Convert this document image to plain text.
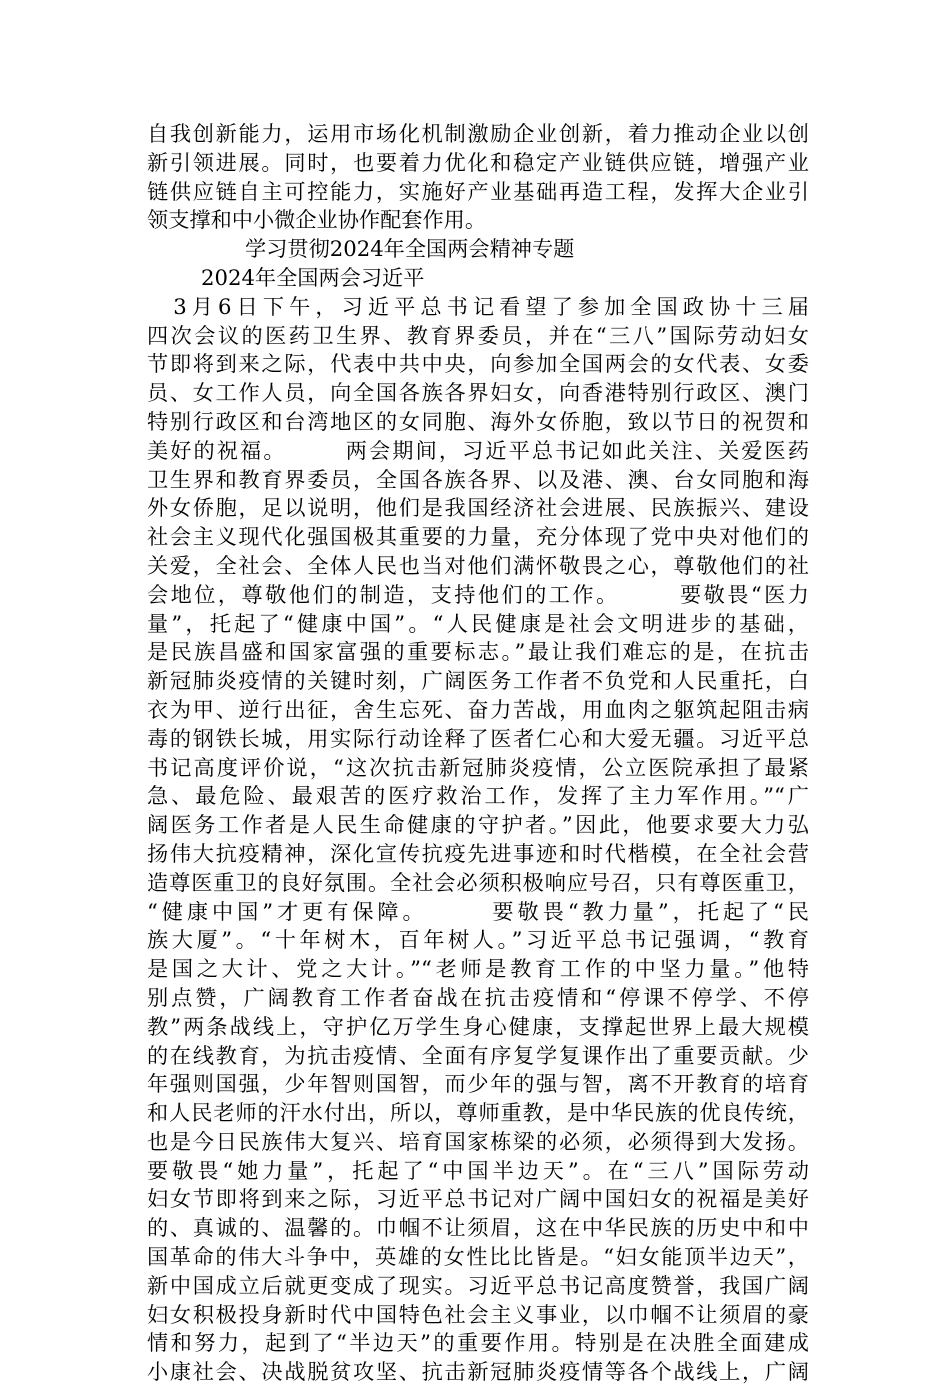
自我创新能力，运用市场化机制激励企业创新，着力推动企业以创
新引领进展。同时，也要着力优化和稳定产业链供应链，增强产业
链供应链自主可控能力，实施好产业基础再造工程，发挥大企业引
领支撑和中小微企业协作配套作用。
学习贯彻2024年全国两会精神专题
2024年全国两会习近平
　3月6日下午，习近平总书记看望了参加全国政协十三届
四次会议的医药卫生界、教育界委员，并在“三八”国际劳动妇女
节即将到来之际，代表中共中央，向参加全国两会的女代表、女委
员、女工作人员，向全国各族各界妇女，向香港特别行政区、澳门
特别行政区和台湾地区的女同胞、海外女侨胞，致以节日的祝贺和
美好的祝福。　　　两会期间，习近平总书记如此关注、关爱医药
卫生界和教育界委员，全国各族各界、以及港、澳、台女同胞和海
外女侨胞，足以说明，他们是我国经济社会进展、民族振兴、建设
社会主义现代化强国极其重要的力量，充分体现了党中央对他们的
关爱，全社会、全体人民也当对他们满怀敬畏之心，尊敬他们的社
会地位，尊敬他们的制造，支持他们的工作。　　　要敬畏“医力
量”，托起了“健康中国”。“人民健康是社会文明进步的基础，
是民族昌盛和国家富强的重要标志。”最让我们难忘的是，在抗击
新冠肺炎疫情的关键时刻，广阔医务工作者不负党和人民重托，白
衣为甲、逆行出征，舍生忘死、奋力苦战，用血肉之躯筑起阻击病
毒的钢铁长城，用实际行动诠释了医者仁心和大爱无疆。习近平总
书记高度评价说，“这次抗击新冠肺炎疫情，公立医院承担了最紧
急、最危险、最艰苦的医疗救治工作，发挥了主力军作用。”“广
阔医务工作者是人民生命健康的守护者。”因此，他要求要大力弘
扬伟大抗疫精神，深化宣传抗疫先进事迹和时代楷模，在全社会营
造尊医重卫的良好氛围。全社会必须积极响应号召，只有尊医重卫，
“健康中国”才更有保障。　　　要敬畏“教力量”，托起了“民
族大厦”。“十年树木，百年树人。”习近平总书记强调，“教育
是国之大计、党之大计。”“老师是教育工作的中坚力量。”他特
别点赞，广阔教育工作者奋战在抗击疫情和“停课不停学、不停
教”两条战线上，守护亿万学生身心健康，支撑起世界上最大规模
的在线教育，为抗击疫情、全面有序复学复课作出了重要贡献。少
年强则国强，少年智则国智，而少年的强与智，离不开教育的培育
和人民老师的汗水付出，所以，尊师重教，是中华民族的优良传统，
也是今日民族伟大复兴、培育国家栋梁的必须，必须得到大发扬。
要敬畏“她力量”，托起了“中国半边天”。在“三八”国际劳动
妇女节即将到来之际，习近平总书记对广阔中国妇女的祝福是美好
的、真诚的、温馨的。巾帼不让须眉，这在中华民族的历史中和中
国革命的伟大斗争中，英雄的女性比比皆是。“妇女能顶半边天”，
新中国成立后就更变成了现实。习近平总书记高度赞誉，我国广阔
妇女积极投身新时代中国特色社会主义事业，以巾帼不让须眉的豪
情和努力，起到了“半边天”的重要作用。特别是在决胜全面建成
小康社会、决战脱贫攻坚、抗击新冠肺炎疫情等各个战线上，广阔
